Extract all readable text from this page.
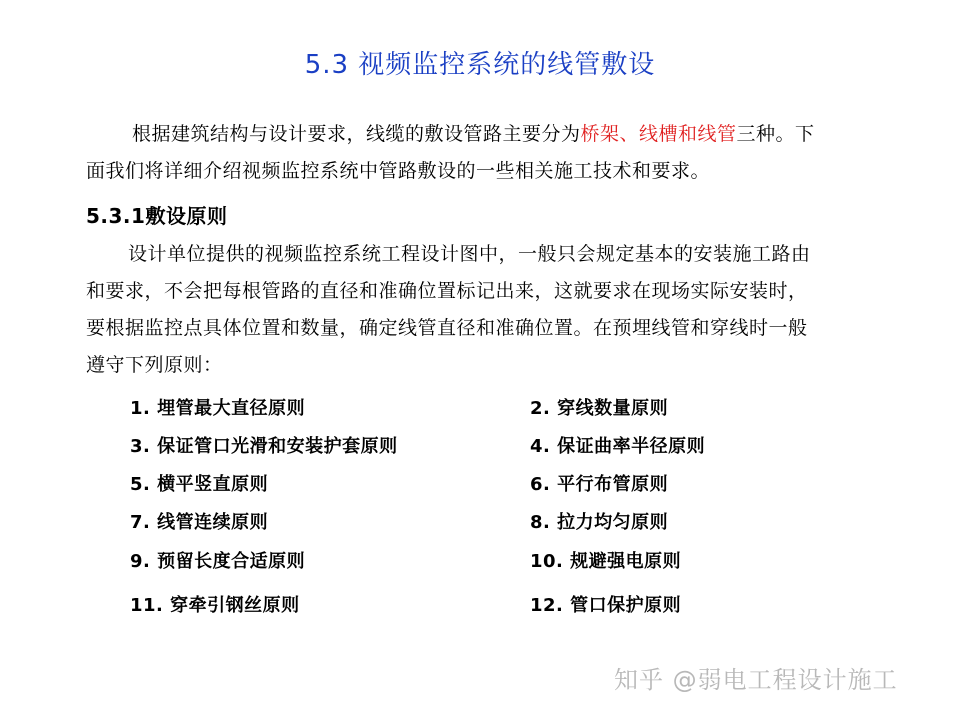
5.3 视频监控系统的线管敷设
根据建筑结构与设计要求，线缆的敷设管路主要分为桥架、线槽和线管三种。下
面我们将详细介绍视频监控系统中管路敷设的一些相关施工技术和要求。
5.3.1敷设原则
设计单位提供的视频监控系统工程设计图中，一般只会规定基本的安装施工路由
和要求，不会把每根管路的直径和准确位置标记出来，这就要求在现场实际安装时，
要根据监控点具体位置和数量，确定线管直径和准确位置。在预埋线管和穿线时一般
遵守下列原则：
1. 埋管最大直径原则	2. 穿线数量原则
3. 保证管口光滑和安装护套原则	4. 保证曲率半径原则
5. 横平竖直原则	6. 平行布管原则
7. 线管连续原则	8. 拉力均匀原则
9. 预留长度合适原则	10. 规避强电原则
11. 穿牵引钢丝原则	12. 管口保护原则
知乎 @弱电工程设计施工
